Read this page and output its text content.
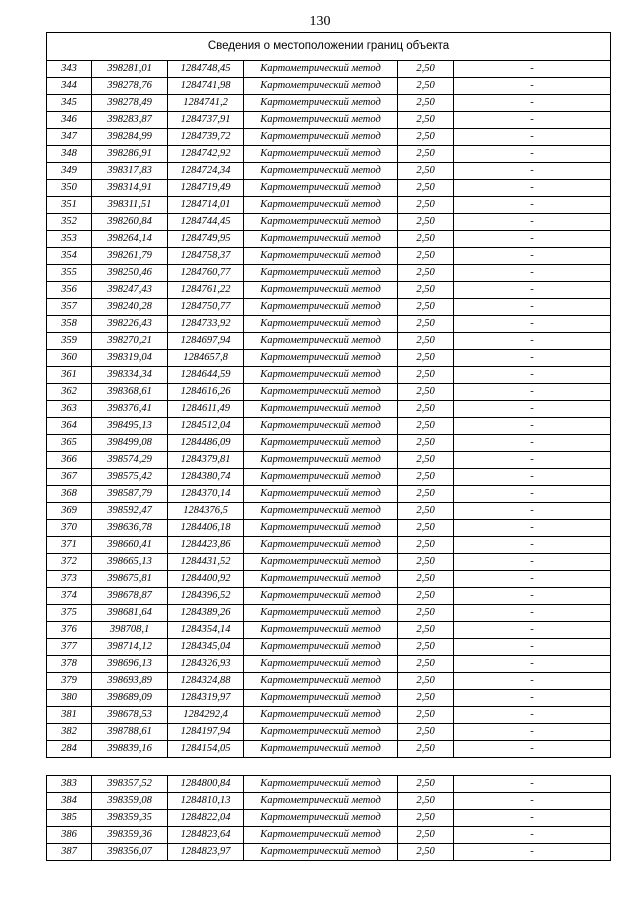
130
Сведения о местоположении границ объекта					
343	398281,01	1284748,45	Картометрический метод	2,50	-
344	398278,76	1284741,98	Картометрический метод	2,50	-
345	398278,49	1284741,2	Картометрический метод	2,50	-
346	398283,87	1284737,91	Картометрический метод	2,50	-
347	398284,99	1284739,72	Картометрический метод	2,50	-
348	398286,91	1284742,92	Картометрический метод	2,50	-
349	398317,83	1284724,34	Картометрический метод	2,50	-
350	398314,91	1284719,49	Картометрический метод	2,50	-
351	398311,51	1284714,01	Картометрический метод	2,50	-
352	398260,84	1284744,45	Картометрический метод	2,50	-
353	398264,14	1284749,95	Картометрический метод	2,50	-
354	398261,79	1284758,37	Картометрический метод	2,50	-
355	398250,46	1284760,77	Картометрический метод	2,50	-
356	398247,43	1284761,22	Картометрический метод	2,50	-
357	398240,28	1284750,77	Картометрический метод	2,50	-
358	398226,43	1284733,92	Картометрический метод	2,50	-
359	398270,21	1284697,94	Картометрический метод	2,50	-
360	398319,04	1284657,8	Картометрический метод	2,50	-
361	398334,34	1284644,59	Картометрический метод	2,50	-
362	398368,61	1284616,26	Картометрический метод	2,50	-
363	398376,41	1284611,49	Картометрический метод	2,50	-
364	398495,13	1284512,04	Картометрический метод	2,50	-
365	398499,08	1284486,09	Картометрический метод	2,50	-
366	398574,29	1284379,81	Картометрический метод	2,50	-
367	398575,42	1284380,74	Картометрический метод	2,50	-
368	398587,79	1284370,14	Картометрический метод	2,50	-
369	398592,47	1284376,5	Картометрический метод	2,50	-
370	398636,78	1284406,18	Картометрический метод	2,50	-
371	398660,41	1284423,86	Картометрический метод	2,50	-
372	398665,13	1284431,52	Картометрический метод	2,50	-
373	398675,81	1284400,92	Картометрический метод	2,50	-
374	398678,87	1284396,52	Картометрический метод	2,50	-
375	398681,64	1284389,26	Картометрический метод	2,50	-
376	398708,1	1284354,14	Картометрический метод	2,50	-
377	398714,12	1284345,04	Картометрический метод	2,50	-
378	398696,13	1284326,93	Картометрический метод	2,50	-
379	398693,89	1284324,88	Картометрический метод	2,50	-
380	398689,09	1284319,97	Картометрический метод	2,50	-
381	398678,53	1284292,4	Картометрический метод	2,50	-
382	398788,61	1284197,94	Картометрический метод	2,50	-
284	398839,16	1284154,05	Картометрический метод	2,50	-

383	398357,52	1284800,84	Картометрический метод	2,50	-
384	398359,08	1284810,13	Картометрический метод	2,50	-
385	398359,35	1284822,04	Картометрический метод	2,50	-
386	398359,36	1284823,64	Картометрический метод	2,50	-
387	398356,07	1284823,97	Картометрический метод	2,50	-
